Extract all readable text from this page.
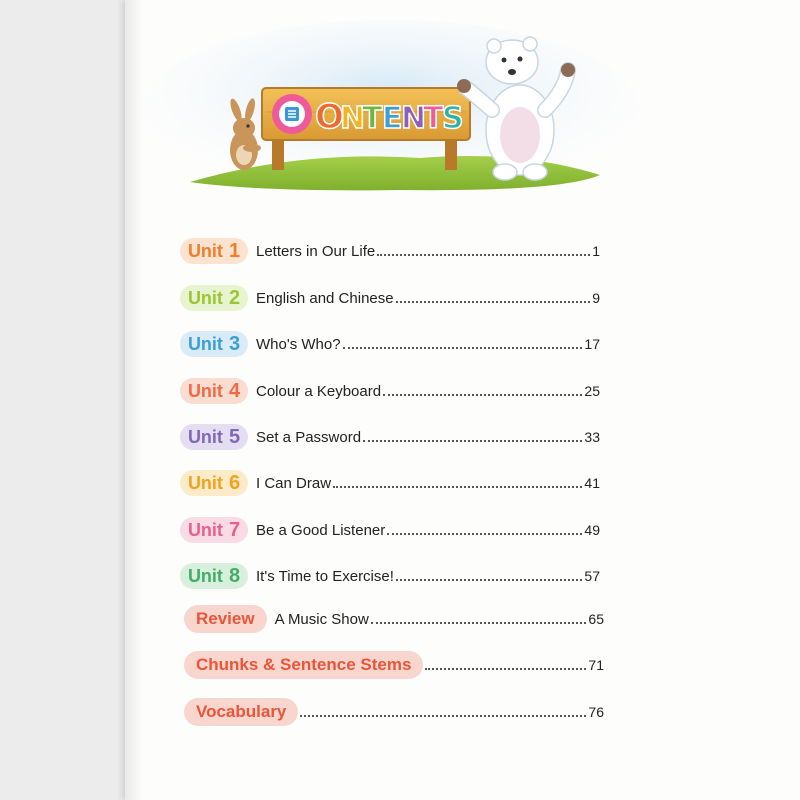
O
N
T E
N
T
S
Unit 1 Letters in Our Life	1
Unit 2 English and Chinese	9
Unit 3 Who's Who?	17
Unit 4 Colour a Keyboard	25
Unit 5 Set a Password	33
Unit 6 I Can Draw	41
Unit 7 Be a Good Listener	49
Unit 8 It's Time to Exercise!	57
Review	A Music Show	65
Chunks & Sentence Stems	71
Vocabulary	76
